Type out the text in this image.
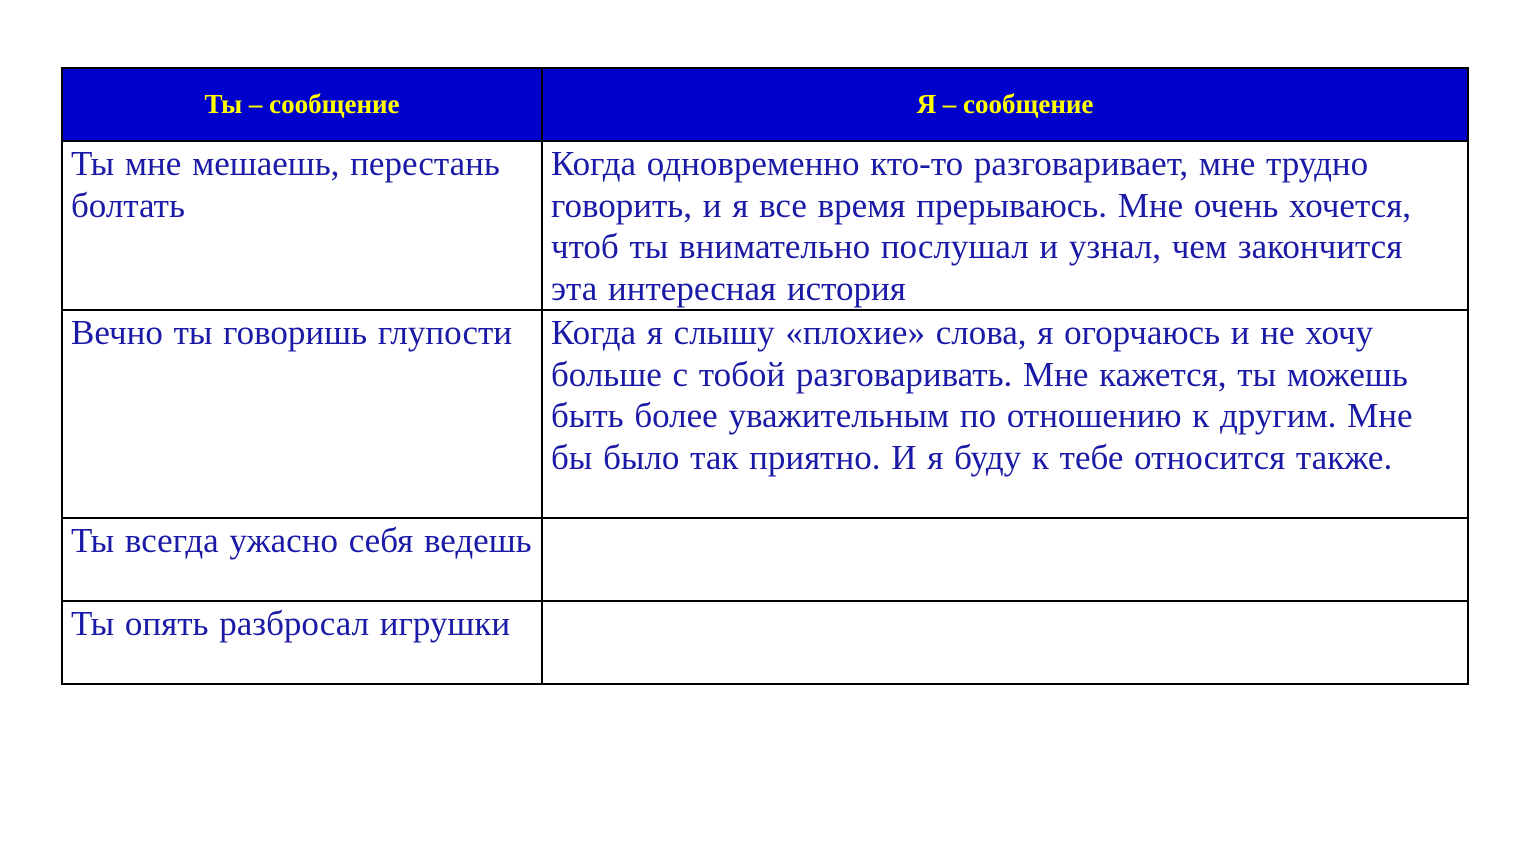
Ты – сообщение	Я – сообщение

Ты мне мешаешь, перестань болтать	Когда одновременно кто-то разговаривает, мне трудно говорить, и я все время прерываюсь. Мне очень хочется, чтоб ты внимательно послушал и узнал, чем закончится эта интересная история

Вечно ты говоришь глупости	Когда я слышу «плохие» слова, я огорчаюсь и не хочу больше с тобой разговаривать. Мне кажется, ты можешь быть более уважительным по отношению к другим. Мне бы было так приятно. И я буду к тебе относится также.

Ты всегда ужасно себя ведешь	

Ты опять разбросал игрушки	
